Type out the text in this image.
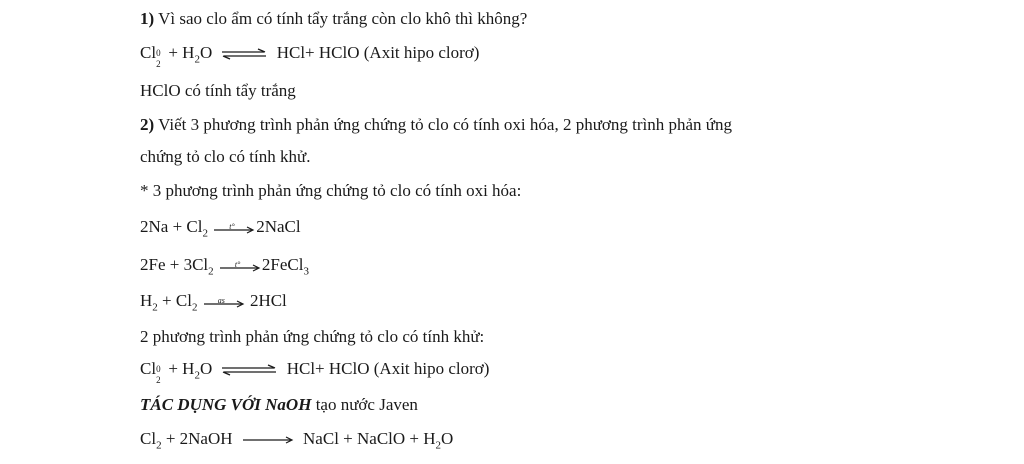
1) Vì sao clo ẩm có tính tẩy trắng còn clo khô thì không?
Cl 0
2
+ $H_2O$ ⇌ HCl+ HClO (Axit hipo clorơ)
HClO có tính tẩy trắng
2) Viết 3 phương trình phản ứng chứng tỏ clo có tính oxi hóa, 2 phương trình phản ứng
chứng tỏ clo có tính khử.
* 3 phương trình phản ứng chứng tỏ clo có tính oxi hóa:
$2Na + Cl_2$
t° 2NaCl
$2Fe + 3Cl_2$
t° 2FeCl$_3$
$H_2 + Cl_2$
as 2HCl
2 phương trình phản ứng chứng tỏ clo có tính khử:
Cl 0
2
+ $H_2O$ ⇌ HCl+ HClO (Axit hipo clorơ)
TÁC DỤNG VỚI NaOH tạo nước Javen
$Cl_2$ + 2NaOH → NaCl + NaClO + $H_2O$
